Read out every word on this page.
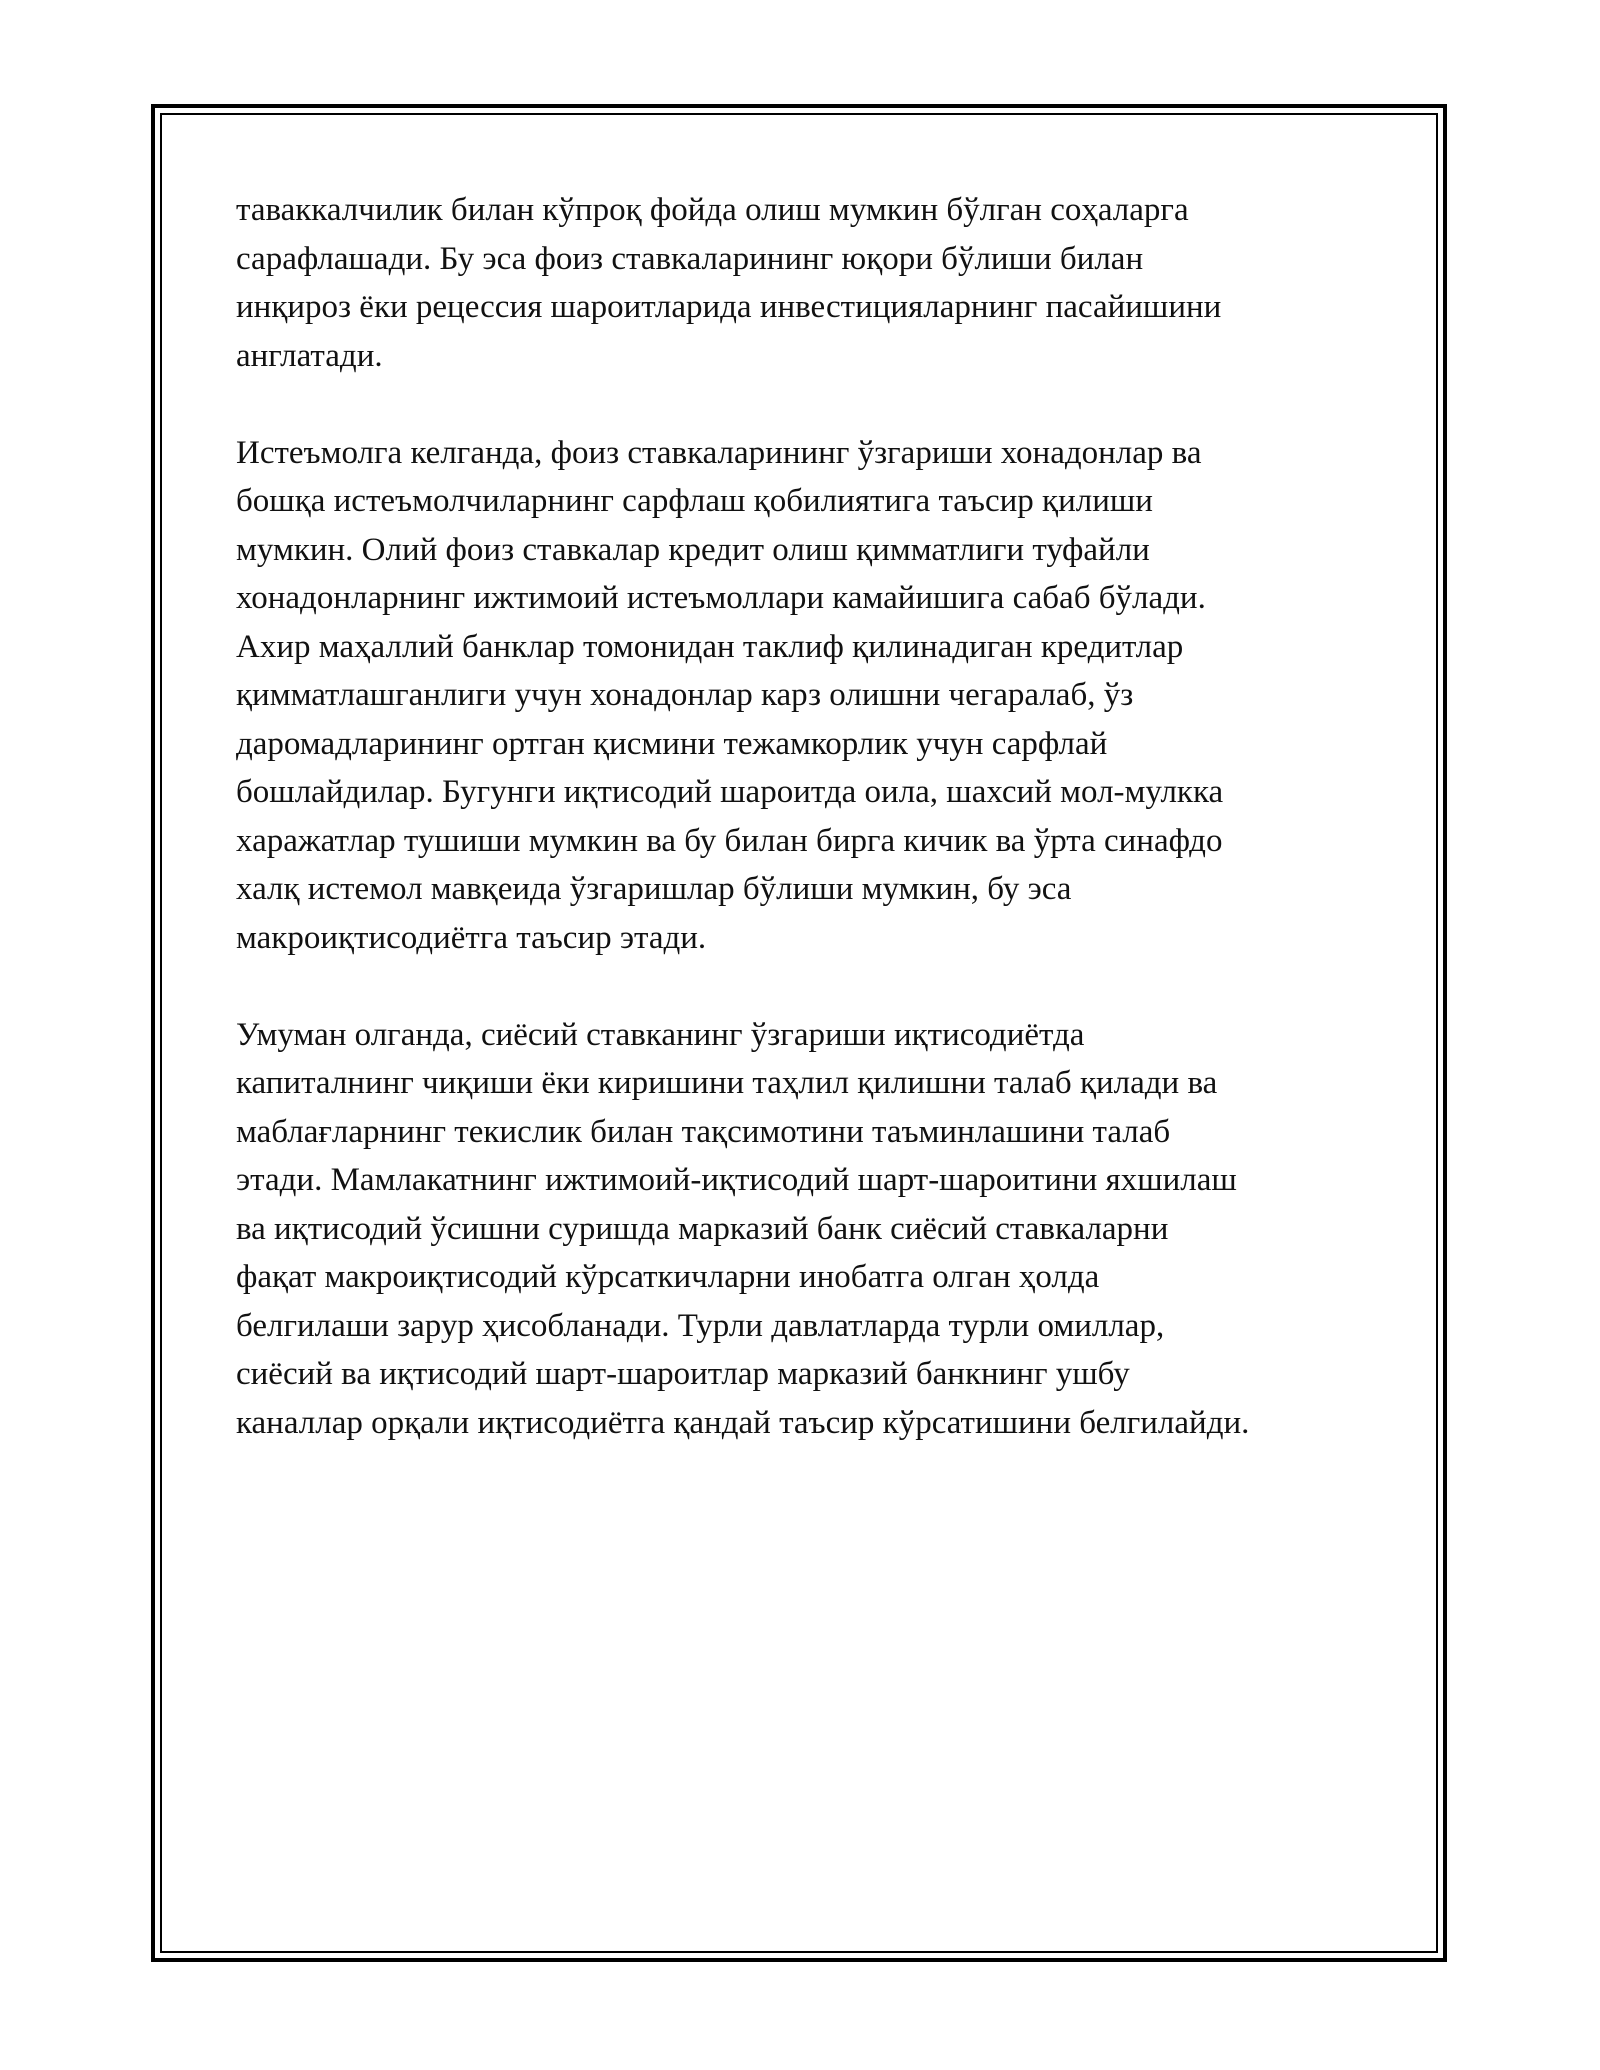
таваккалчилик билан кўпроқ фойда олиш мумкин бўлган соҳаларга
сарафлашади. Бу эса фоиз ставкаларининг юқори бўлиши билан
инқироз ёки рецессия шароитларида инвестицияларнинг пасайишини
англатади.

Истеъмолга келганда, фоиз ставкаларининг ўзгариши хонадонлар ва
бошқа истеъмолчиларнинг сарфлаш қобилиятига таъсир қилиши
мумкин. Олий фоиз ставкалар кредит олиш қимматлиги туфайли
хонадонларнинг ижтимоий истеъмоллари камайишига сабаб бўлади.
Ахир маҳаллий банклар томонидан таклиф қилинадиган кредитлар
қимматлашганлиги учун хонадонлар карз олишни чегаралаб, ўз
даромадларининг ортган қисмини тежамкорлик учун сарфлай
бошлайдилар. Бугунги иқтисодий шароитда оила, шахсий мол-мулкка
харажатлар тушиши мумкин ва бу билан бирга кичик ва ўрта синафдо
халқ истемол мавқеида ўзгаришлар бўлиши мумкин, бу эса
макроиқтисодиётга таъсир этади.

Умуман олганда, сиёсий ставканинг ўзгариши иқтисодиётда
капиталнинг чиқиши ёки киришини таҳлил қилишни талаб қилади ва
маблағларнинг текислик билан тақсимотини таъминлашини талаб
этади. Мамлакатнинг ижтимоий-иқтисодий шарт-шароитини яхшилаш
ва иқтисодий ўсишни суришда марказий банк сиёсий ставкаларни
фақат макроиқтисодий кўрсаткичларни инобатга олган ҳолда
белгилаши зарур ҳисобланади. Турли давлатларда турли омиллар,
сиёсий ва иқтисодий шарт-шароитлар марказий банкнинг ушбу
каналлар орқали иқтисодиётга қандай таъсир кўрсатишини белгилайди.
